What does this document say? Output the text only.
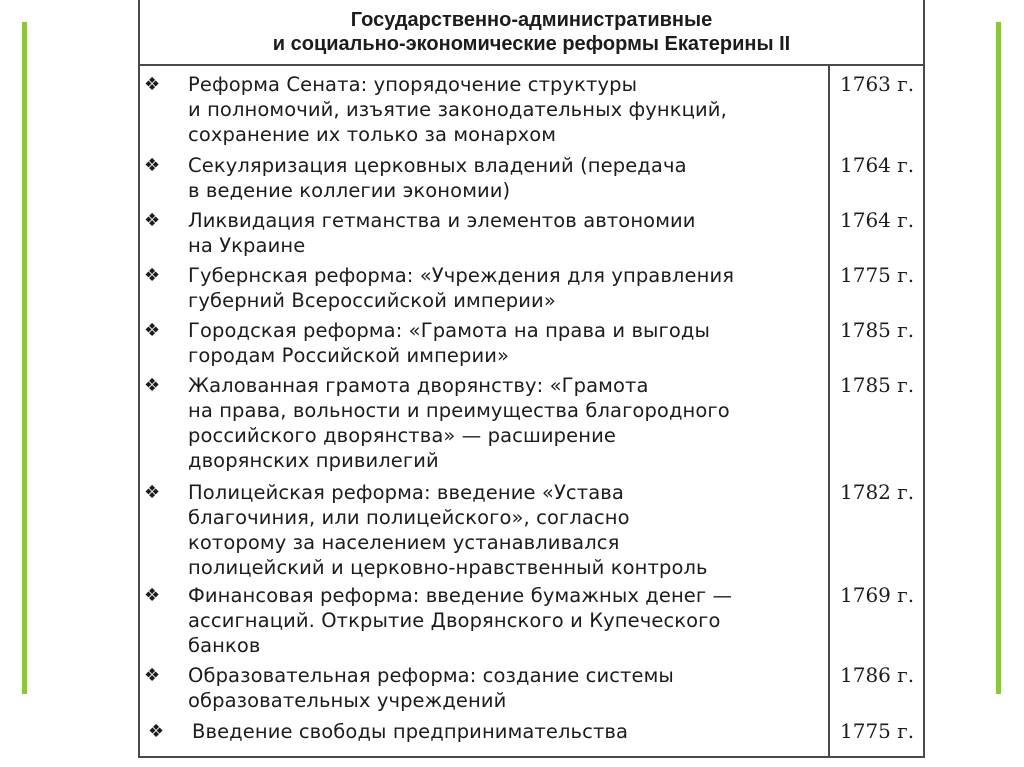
Государственно-административные
и социально-экономические реформы Екатерины II
❖	Реформа Сената: упорядочение структуры
и полномочий, изъятие законодательных функций,
сохранение их только за монархом
1763 г.
❖	Секуляризация церковных владений (передача
в ведение коллегии экономии)
1764 г.
❖	Ликвидация гетманства и элементов автономии
на Украине
1764 г.
❖	Губернская реформа: «Учреждения для управления
губерний Всероссийской империи»
1775 г.
❖	Городская реформа: «Грамота на права и выгоды
городам Российской империи»
1785 г.
❖	Жалованная грамота дворянству: «Грамота
на права, вольности и преимущества благородного
российского дворянства» — расширение
дворянских привилегий
1785 г.
❖	Полицейская реформа: введение «Устава
благочиния, или полицейского», согласно
которому за населением устанавливался
полицейский и церковно-нравственный контроль
1782 г.
❖	Финансовая реформа: введение бумажных денег —
ассигнаций. Открытие Дворянского и Купеческого
банков
1769 г.
❖	Образовательная реформа: создание системы
образовательных учреждений
1786 г.
❖	Введение свободы предпринимательства	1775 г.
